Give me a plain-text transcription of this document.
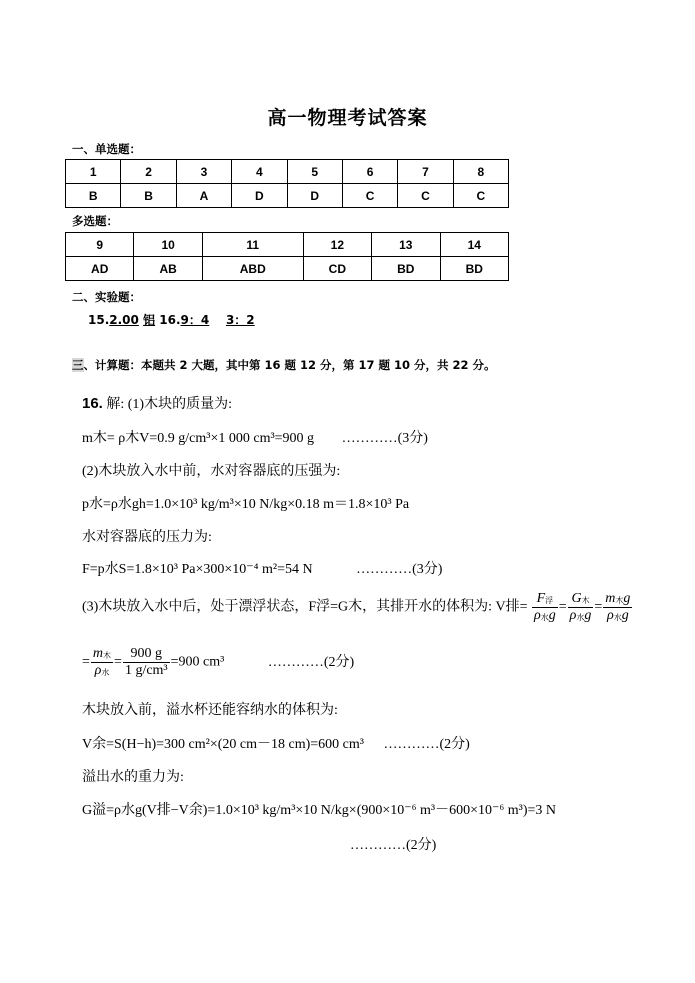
高一物理考试答案
一、单选题：
1	2	3	4	5	6	7	8
B	B	A	D	D	C	C	C
多选题：
9	10	11	12	13	14
AD	AB	ABD	CD	BD	BD
二、实验题：
15.2.00 铝 16.9：4 3：2
三、计算题：本题共 2 大题，其中第 16 题 12 分，第 17 题 10 分，共 22 分。
16. 解: (1)木块的质量为:
m木= ρ木V=0.9 g/cm³×1 000 cm³=900 g …………(3分)
(2)木块放入水中前，水对容器底的压强为:
p水=ρ水gh=1.0×10³ kg/m³×10 N/kg×0.18 m＝1.8×10³ Pa
水对容器底的压力为:
F=p水S=1.8×10³ Pa×300×10⁻⁴ m²=54 N	…………(3分)
(3)木块放入水中后，处于漂浮状态，F浮=G木，其排开水的体积为: V排= $\frac{F_浮}{\rho_水g} = \frac{G_木}{\rho_水g} = \frac{m_木g}{\rho_水g}$
= $\frac{m_木}{\rho_水} = \frac{900 g}{\text{1 g/cm³}} =900$ cm³	…………(2分)
木块放入前，溢水杯还能容纳水的体积为:
V余=S(H−h)=300 cm²×(20 cm－18 cm)=600 cm³ …………(2分)
溢出水的重力为:
G溢=ρ水g(V排−V余)=1.0×10³ kg/m³×10 N/kg×(900×10⁻⁶ m³－600×10⁻⁶ m³)=3 N
…………(2分)
